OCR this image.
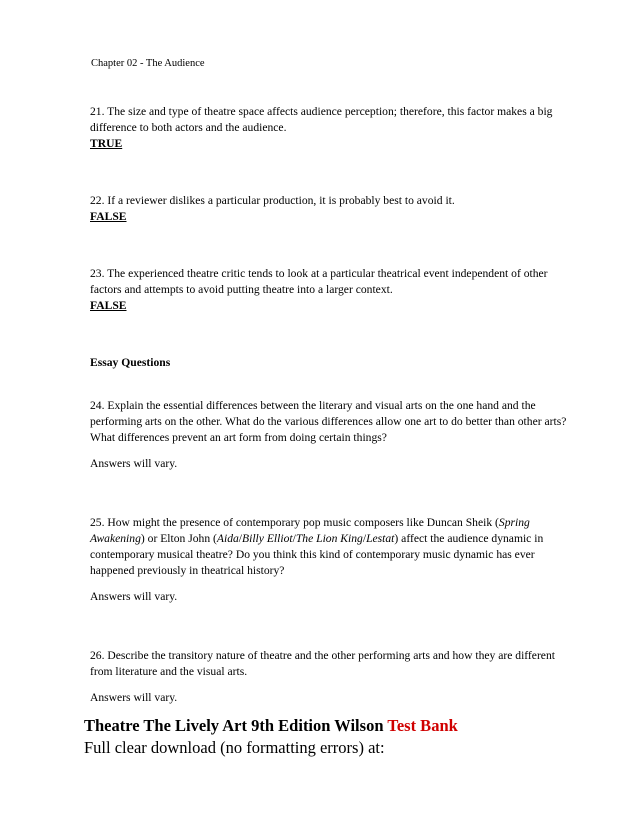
Chapter 02 - The Audience
21. The size and type of theatre space affects audience perception; therefore, this factor makes a big difference to both actors and the audience.
TRUE
22. If a reviewer dislikes a particular production, it is probably best to avoid it.
FALSE
23. The experienced theatre critic tends to look at a particular theatrical event independent of other factors and attempts to avoid putting theatre into a larger context.
FALSE
Essay Questions
24. Explain the essential differences between the literary and visual arts on the one hand and the performing arts on the other. What do the various differences allow one art to do better than other arts? What differences prevent an art form from doing certain things?
Answers will vary.
25. How might the presence of contemporary pop music composers like Duncan Sheik (Spring Awakening) or Elton John (Aida/Billy Elliot/The Lion King/Lestat) affect the audience dynamic in contemporary musical theatre? Do you think this kind of contemporary music dynamic has ever happened previously in theatrical history?
Answers will vary.
26. Describe the transitory nature of theatre and the other performing arts and how they are different from literature and the visual arts.
Answers will vary.
Theatre The Lively Art 9th Edition Wilson Test Bank
Full clear download (no formatting errors) at:
